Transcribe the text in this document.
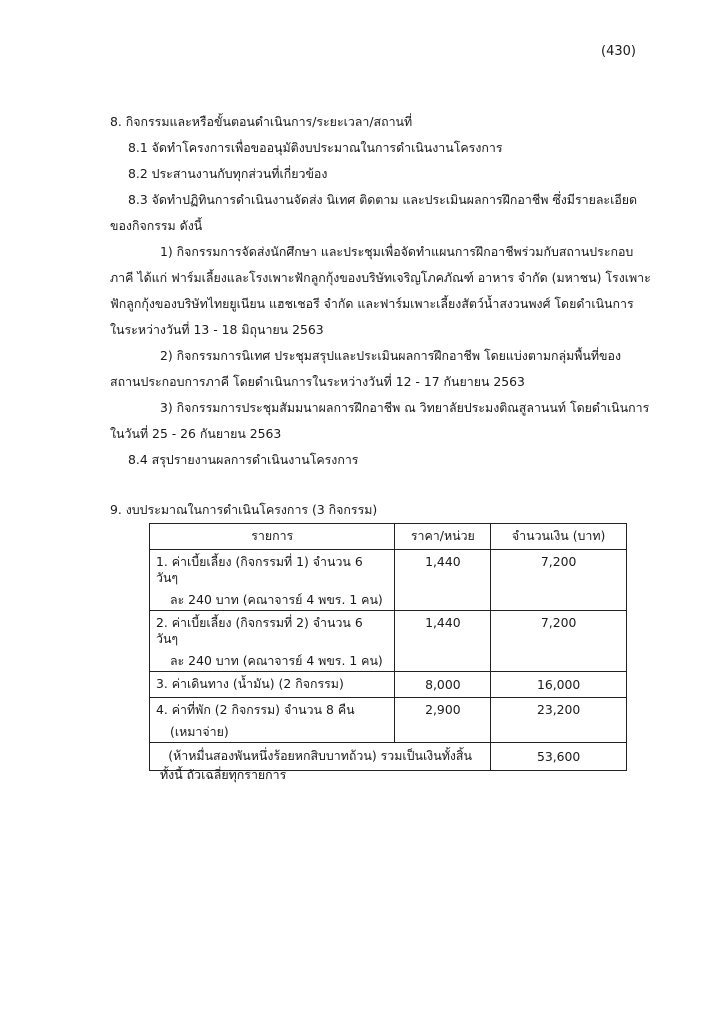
(430)
8. กิจกรรมและหรือขั้นตอนดำเนินการ/ระยะเวลา/สถานที่
8.1 จัดทำโครงการเพื่อขออนุมัติงบประมาณในการดำเนินงานโครงการ
8.2 ประสานงานกับทุกส่วนที่เกี่ยวข้อง
8.3 จัดทำปฏิทินการดำเนินงานจัดส่ง นิเทศ ติดตาม และประเมินผลการฝึกอาชีพ ซึ่งมีรายละเอียด
ของกิจกรรม ดังนี้
1) กิจกรรมการจัดส่งนักศึกษา และประชุมเพื่อจัดทำแผนการฝึกอาชีพร่วมกับสถานประกอบ
ภาคี ได้แก่ ฟาร์มเลี้ยงและโรงเพาะฟักลูกกุ้งของบริษัทเจริญโภคภัณฑ์ อาหาร จำกัด (มหาชน) โรงเพาะ
ฟักลูกกุ้งของบริษัทไทยยูเนียน แฮชเชอรี จำกัด และฟาร์มเพาะเลี้ยงสัตว์น้ำสงวนพงศ์ โดยดำเนินการ
ในระหว่างวันที่ 13 - 18 มิถุนายน 2563
2) กิจกรรมการนิเทศ ประชุมสรุปและประเมินผลการฝึกอาชีพ โดยแบ่งตามกลุ่มพื้นที่ของ
สถานประกอบการภาคี โดยดำเนินการในระหว่างวันที่ 12 - 17 กันยายน 2563
3) กิจกรรมการประชุมสัมมนาผลการฝึกอาชีพ ณ วิทยาลัยประมงติณสูลานนท์ โดยดำเนินการ
ในวันที่ 25 - 26 กันยายน 2563
8.4 สรุปรายงานผลการดำเนินงานโครงการ
9. งบประมาณในการดำเนินโครงการ (3 กิจกรรม)
รายการ	ราคา/หน่วย	จำนวนเงิน (บาท)

1. ค่าเบี้ยเลี้ยง (กิจกรรมที่ 1) จำนวน 6 วันๆ
ละ 240 บาท (คณาจารย์ 4 พขร. 1 คน)	1,440	7,200

2. ค่าเบี้ยเลี้ยง (กิจกรรมที่ 2) จำนวน 6 วันๆ
ละ 240 บาท (คณาจารย์ 4 พขร. 1 คน)	1,440	7,200

3. ค่าเดินทาง (น้ำมัน) (2 กิจกรรม)	8,000	16,000

4. ค่าที่พัก (2 กิจกรรม) จำนวน 8 คืน
(เหมาจ่าย)	2,900	23,200

(ห้าหมื่นสองพันหนึ่งร้อยหกสิบบาทถ้วน) รวมเป็นเงินทั้งสิ้น		53,600
ทั้งนี้ ถัวเฉลี่ยทุกรายการ
